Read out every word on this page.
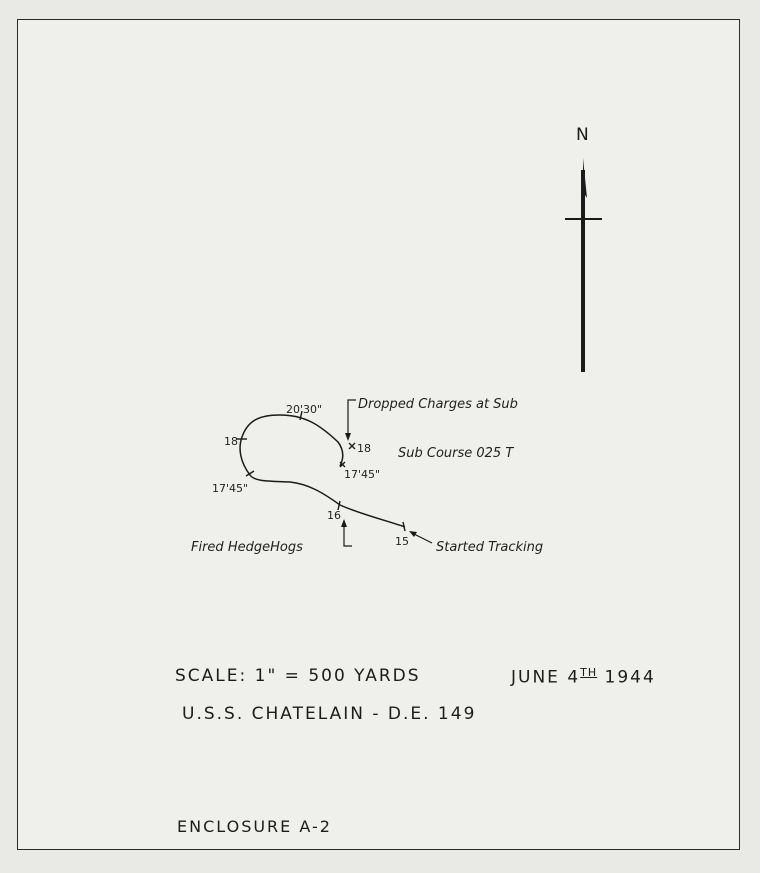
N
18
20'30"
18
17'45"
17'45"
16
15
Dropped Charges at Sub
Sub Course 025 T
Started Tracking
Fired HedgeHogs
SCALE: 1" = 500 YARDS	JUNE 4TH 1944
U.S.S. CHATELAIN - D.E. 149
ENCLOSURE A-2
